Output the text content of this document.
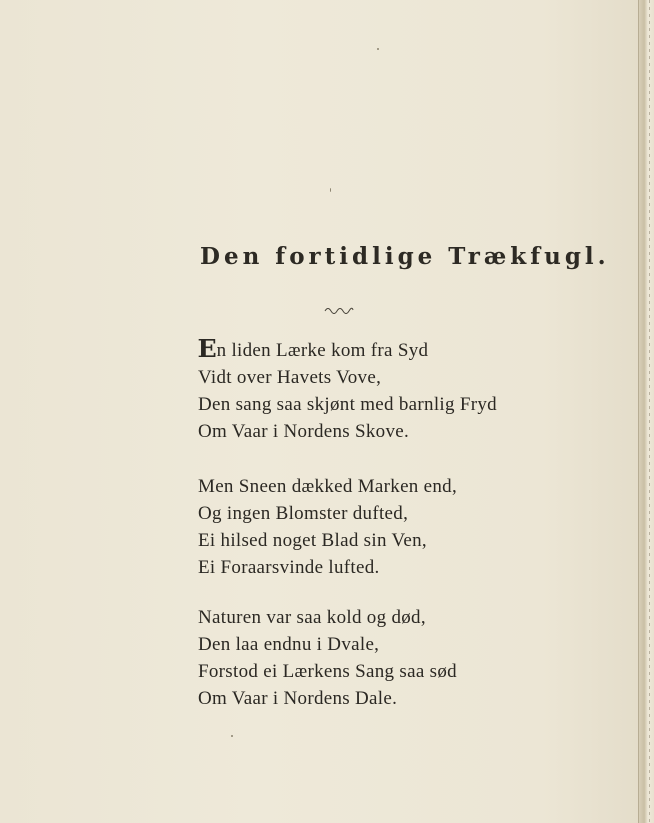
Den fortidlige Trækfugl.
En liden Lærke kom fra Syd
Vidt over Havets Vove,
Den sang saa skjønt med barnlig Fryd
Om Vaar i Nordens Skove.
Men Sneen dækked Marken end,
Og ingen Blomster dufted,
Ei hilsed noget Blad sin Ven,
Ei Foraarsvinde lufted.
Naturen var saa kold og død,
Den laa endnu i Dvale,
Forstod ei Lærkens Sang saa sød
Om Vaar i Nordens Dale.
